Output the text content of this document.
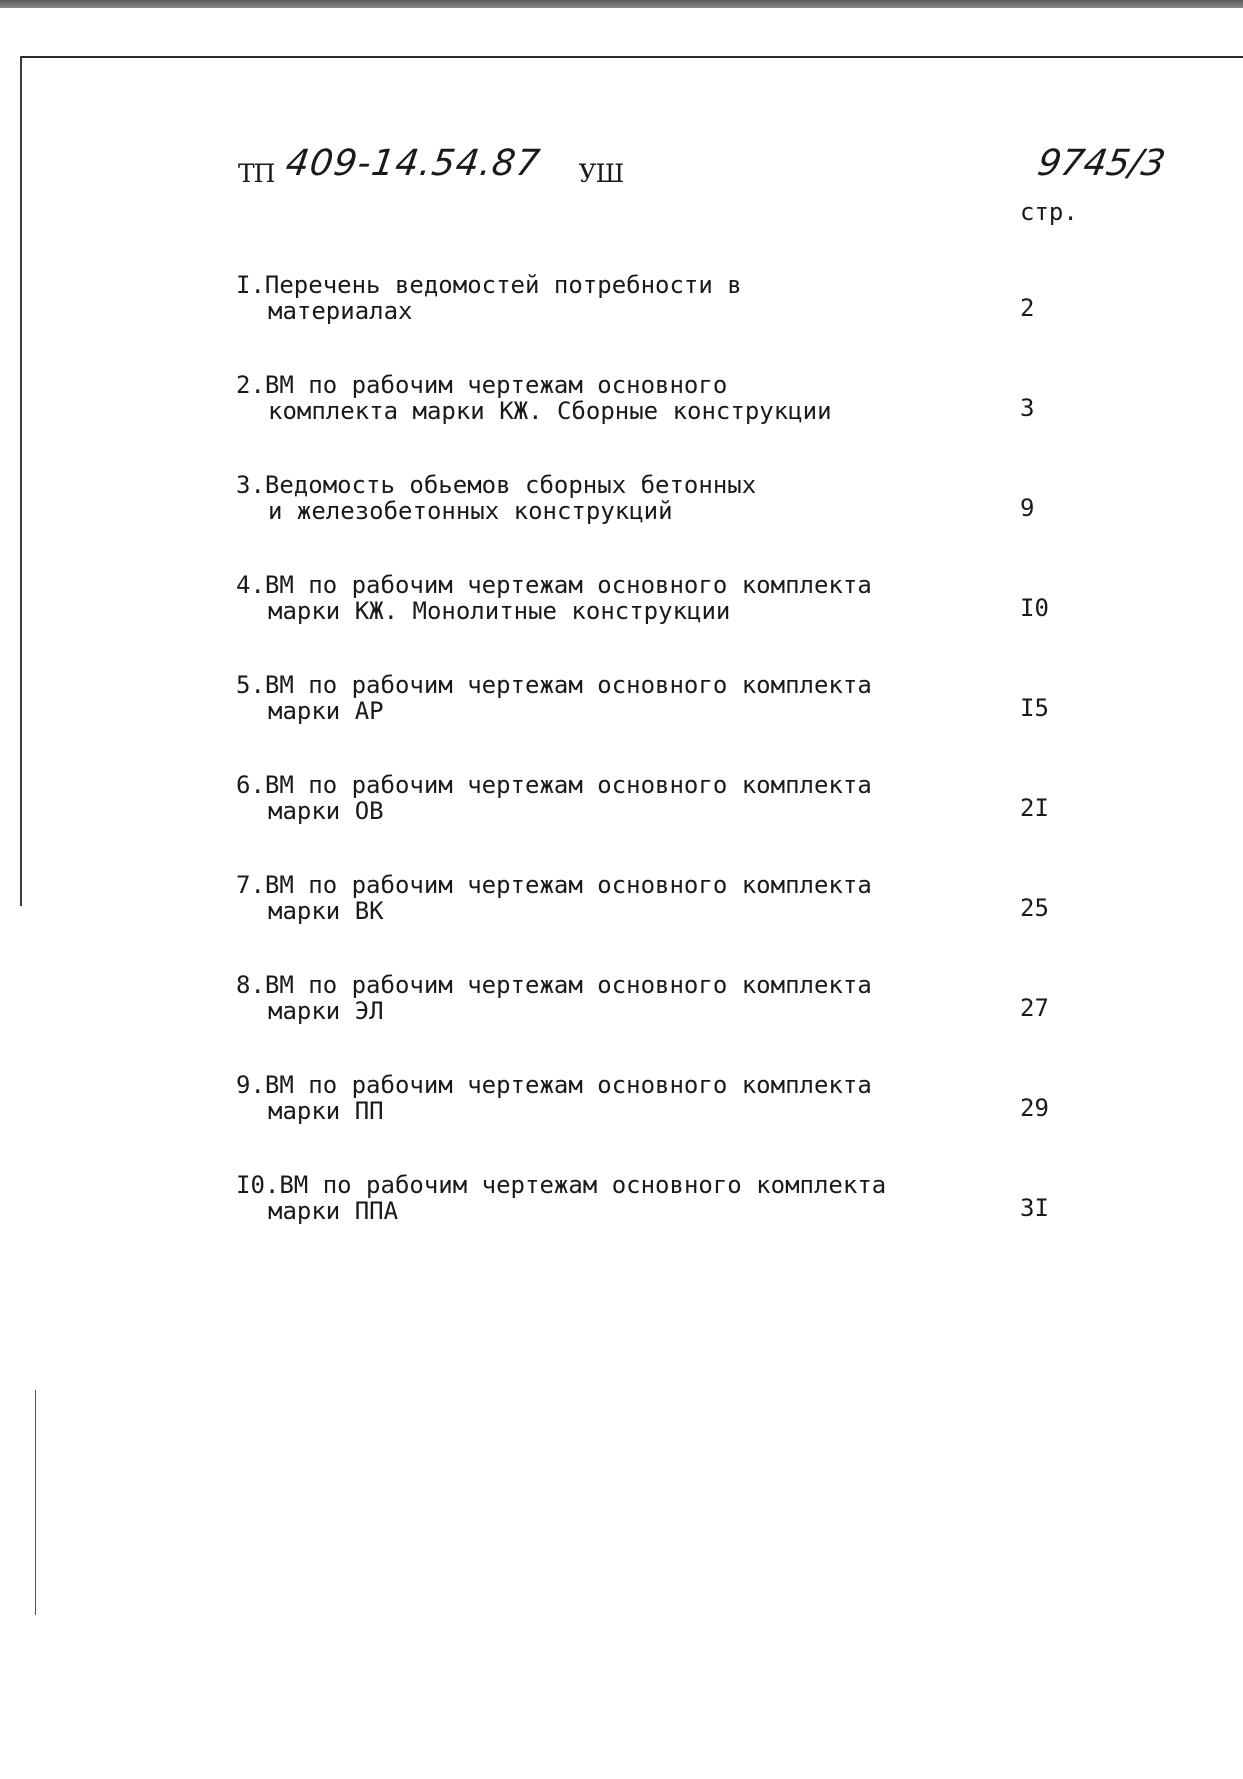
ТП 409-14.54.87 УШ	9745/3
стр.
I.Перечень ведомостей потребности в
материалах	2
2.ВМ по рабочим чертежам основного
комплекта марки КЖ. Сборные конструкции	3
3.Ведомость обьемов сборных бетонных
и железобетонных конструкций	9
4.ВМ по рабочим чертежам основного комплекта
марки КЖ. Монолитные конструкции	I0
5.ВМ по рабочим чертежам основного комплекта
марки АР	I5
6.ВМ по рабочим чертежам основного комплекта
марки ОВ	2I
7.ВМ по рабочим чертежам основного комплекта
марки ВК	25
8.ВМ по рабочим чертежам основного комплекта
марки ЭЛ	27
9.ВМ по рабочим чертежам основного комплекта
марки ПП	29
I0.ВМ по рабочим чертежам основного комплекта
марки ППА	3I
